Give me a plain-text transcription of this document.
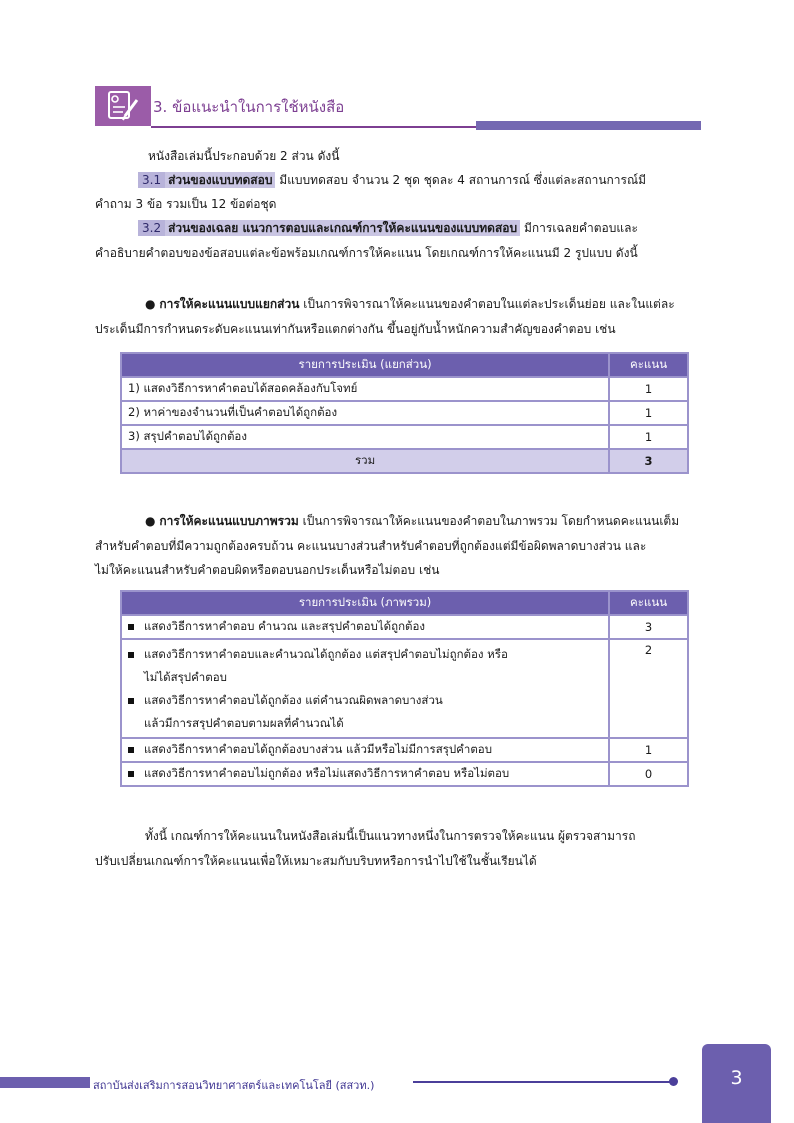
3. ข้อแนะนำในการใช้หนังสือ
หนังสือเล่มนี้ประกอบด้วย 2 ส่วน ดังนี้
3.1 ส่วนของแบบทดสอบ มีแบบทดสอบ จำนวน 2 ชุด ชุดละ 4 สถานการณ์ ซึ่งแต่ละสถานการณ์มี
คำถาม 3 ข้อ รวมเป็น 12 ข้อต่อชุด
3.2 ส่วนของเฉลย แนวการตอบและเกณฑ์การให้คะแนนของแบบทดสอบ มีการเฉลยคำตอบและ
คำอธิบายคำตอบของข้อสอบแต่ละข้อพร้อมเกณฑ์การให้คะแนน โดยเกณฑ์การให้คะแนนมี 2 รูปแบบ ดังนี้
● การให้คะแนนแบบแยกส่วน เป็นการพิจารณาให้คะแนนของคำตอบในแต่ละประเด็นย่อย และในแต่ละ
ประเด็นมีการกำหนดระดับคะแนนเท่ากันหรือแตกต่างกัน ขึ้นอยู่กับน้ำหนักความสำคัญของคำตอบ เช่น
รายการประเมิน (แยกส่วน)	คะแนน
1) แสดงวิธีการหาคำตอบได้สอดคล้องกับโจทย์	1
2) หาค่าของจำนวนที่เป็นคำตอบได้ถูกต้อง	1
3) สรุปคำตอบได้ถูกต้อง	1
รวม	3
● การให้คะแนนแบบภาพรวม เป็นการพิจารณาให้คะแนนของคำตอบในภาพรวม โดยกำหนดคะแนนเต็ม
สำหรับคำตอบที่มีความถูกต้องครบถ้วน คะแนนบางส่วนสำหรับคำตอบที่ถูกต้องแต่มีข้อผิดพลาดบางส่วน และ
ไม่ให้คะแนนสำหรับคำตอบผิดหรือตอบนอกประเด็นหรือไม่ตอบ เช่น
รายการประเมิน (ภาพรวม)	คะแนน
แสดงวิธีการหาคำตอบ คำนวณ และสรุปคำตอบได้ถูกต้อง	3

แสดงวิธีการหาคำตอบและคำนวณได้ถูกต้อง แต่สรุปคำตอบไม่ถูกต้อง หรือ
ไม่ได้สรุปคำตอบ
แสดงวิธีการหาคำตอบได้ถูกต้อง แต่คำนวณผิดพลาดบางส่วน
แล้วมีการสรุปคำตอบตามผลที่คำนวณได้	2
แสดงวิธีการหาคำตอบได้ถูกต้องบางส่วน แล้วมีหรือไม่มีการสรุปคำตอบ	1
แสดงวิธีการหาคำตอบไม่ถูกต้อง หรือไม่แสดงวิธีการหาคำตอบ หรือไม่ตอบ	0
ทั้งนี้ เกณฑ์การให้คะแนนในหนังสือเล่มนี้เป็นแนวทางหนึ่งในการตรวจให้คะแนน ผู้ตรวจสามารถ
ปรับเปลี่ยนเกณฑ์การให้คะแนนเพื่อให้เหมาะสมกับบริบทหรือการนำไปใช้ในชั้นเรียนได้
สถาบันส่งเสริมการสอนวิทยาศาสตร์และเทคโนโลยี (สสวท.)	3
